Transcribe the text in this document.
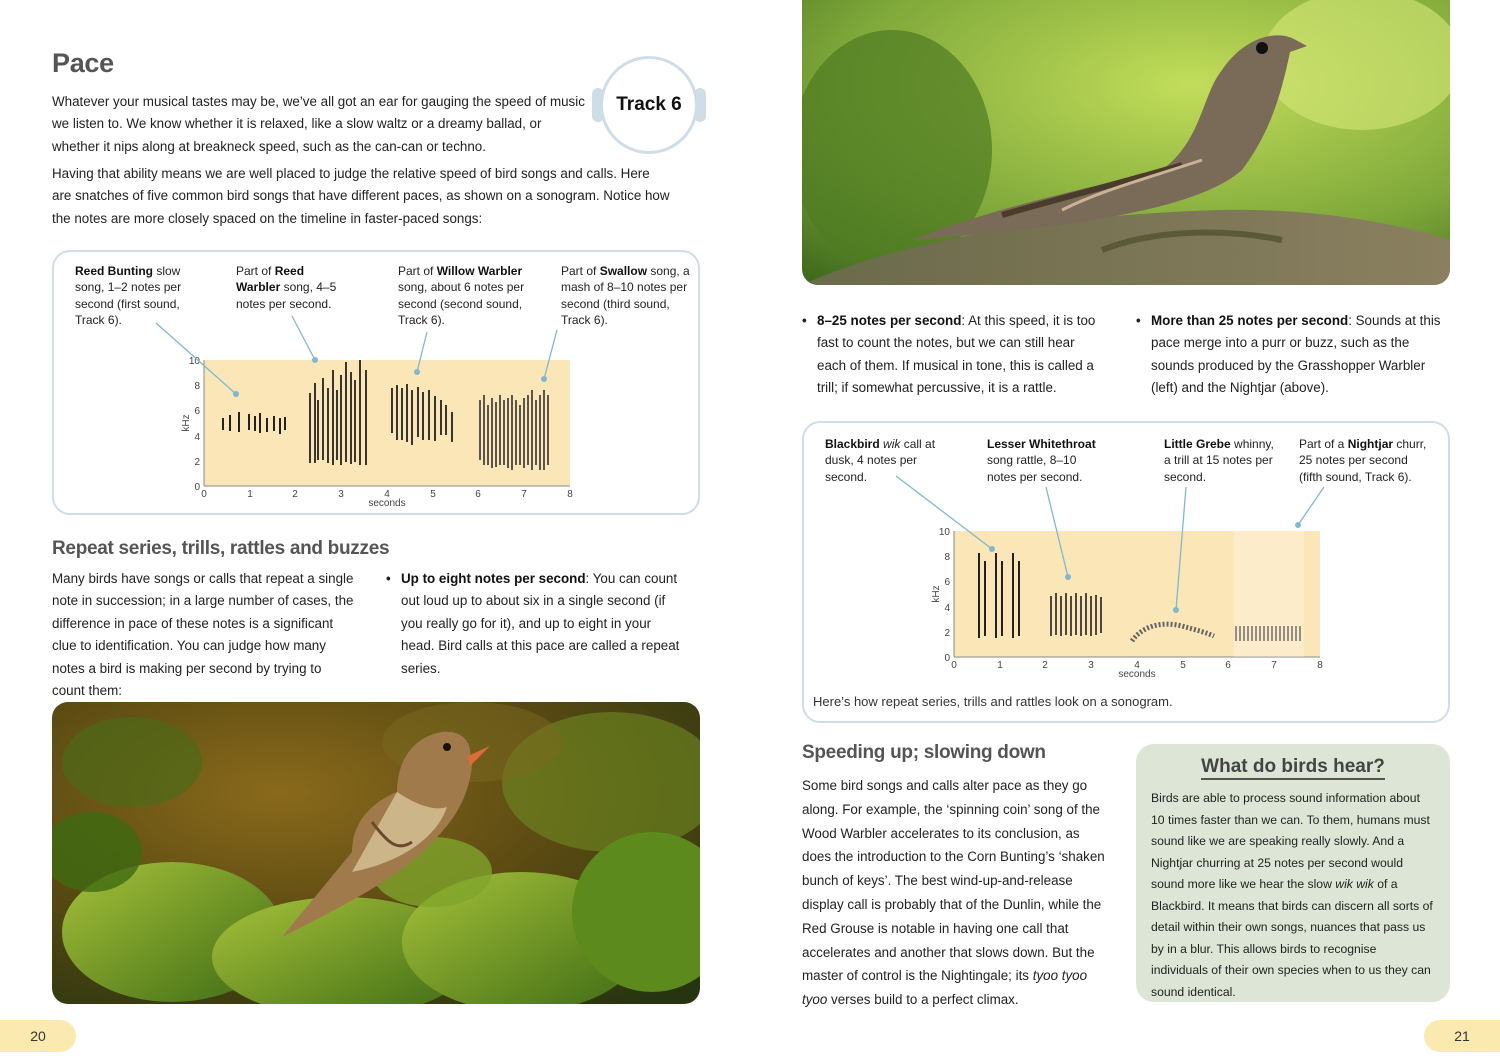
Pace
Track 6

Whatever your musical tastes may be, we’ve all got an ear for gauging the speed of music we listen to. We know whether it is relaxed, like a slow waltz or a dreamy ballad, or whether it nips along at breakneck speed, such as the can-can or techno.

Having that ability means we are well placed to judge the relative speed of bird songs and calls. Here are snatches of five common bird songs that have different paces, as shown on a sonogram. Notice how the notes are more closely spaced on the timeline in faster-paced songs:

Reed Bunting slow song, 1–2 notes per second (first sound, Track 6).
Part of Reed Warbler song, 4–5 notes per second.
Part of Willow Warbler song, about 6 notes per second (second sound, Track 6).
Part of Swallow song, a mash of 8–10 notes per second (third sound, Track 6).
0
2
4
6
8
10
0	1	2	3	4	5	6	7	8
seconds
kHz
Repeat series, trills, rattles and buzzes

Many birds have songs or calls that repeat a single note in succession; in a large number of cases, the difference in pace of these notes is a significant clue to identification. You can judge how many notes a bird is making per second by trying to count them:

• Up to eight notes per second: You can count out loud up to about six in a single second (if you really go for it), and up to eight in your head. Bird calls at this pace are called a repeat series.
20
• 8–25 notes per second: At this speed, it is too fast to count the notes, but we can still hear each of them. If musical in tone, this is called a trill; if somewhat percussive, it is a rattle.
• More than 25 notes per second: Sounds at this pace merge into a purr or buzz, such as the sounds produced by the Grasshopper Warbler (left) and the Nightjar (above).
Blackbird wik call at dusk, 4 notes per second.
Lesser Whitethroat song rattle, 8–10 notes per second.
Little Grebe whinny, a trill at 15 notes per second.
Part of a Nightjar churr, 25 notes per second (fifth sound, Track 6).
0
2
4
6
8
10
0	1	2	3	4	5	6	7	8
seconds
kHz
Here’s how repeat series, trills and rattles look on a sonogram.
Speeding up; slowing down

Some bird songs and calls alter pace as they go along. For example, the ‘spinning coin’ song of the Wood Warbler accelerates to its conclusion, as does the introduction to the Corn Bunting’s ‘shaken bunch of keys’. The best wind-up-and-release display call is probably that of the Dunlin, while the Red Grouse is notable in having one call that accelerates and another that slows down. But the master of control is the Nightingale; its tyoo tyoo tyoo verses build to a perfect climax.

What do birds hear?

Birds are able to process sound information about 10 times faster than we can. To them, humans must sound like we are speaking really slowly. And a Nightjar churring at 25 notes per second would sound more like we hear the slow wik wik of a Blackbird. It means that birds can discern all sorts of detail within their own songs, nuances that pass us by in a blur. This allows birds to recognise individuals of their own species when to us they can sound identical.

21
